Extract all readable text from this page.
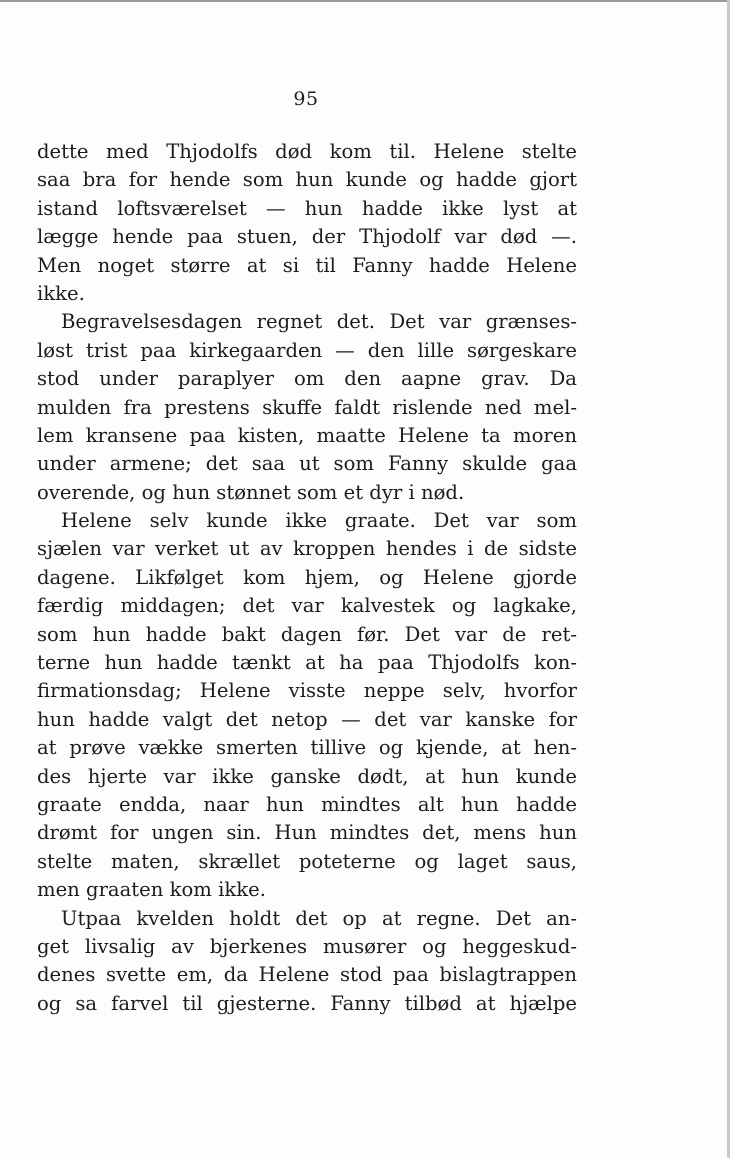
95
dette med Thjodolfs død kom til. Helene stelte
saa bra for hende som hun kunde og hadde gjort
istand loftsværelset — hun hadde ikke lyst at
lægge hende paa stuen, der Thjodolf var død —.
Men noget større at si til Fanny hadde Helene
ikke.
Begravelsesdagen regnet det. Det var grænses-
løst trist paa kirkegaarden — den lille sørgeskare
stod under paraplyer om den aapne grav. Da
mulden fra prestens skuffe faldt rislende ned mel-
lem kransene paa kisten, maatte Helene ta moren
under armene; det saa ut som Fanny skulde gaa
overende, og hun stønnet som et dyr i nød.
Helene selv kunde ikke graate. Det var som
sjælen var verket ut av kroppen hendes i de sidste
dagene. Likfølget kom hjem, og Helene gjorde
færdig middagen; det var kalvestek og lagkake,
som hun hadde bakt dagen før. Det var de ret-
terne hun hadde tænkt at ha paa Thjodolfs kon-
firmationsdag; Helene visste neppe selv, hvorfor
hun hadde valgt det netop — det var kanske for
at prøve vække smerten tillive og kjende, at hen-
des hjerte var ikke ganske dødt, at hun kunde
graate endda, naar hun mindtes alt hun hadde
drømt for ungen sin. Hun mindtes det, mens hun
stelte maten, skrællet poteterne og laget saus,
men graaten kom ikke.
Utpaa kvelden holdt det op at regne. Det an-
get livsalig av bjerkenes musører og heggeskud-
denes svette em, da Helene stod paa bislagtrappen
og sa farvel til gjesterne. Fanny tilbød at hjælpe
